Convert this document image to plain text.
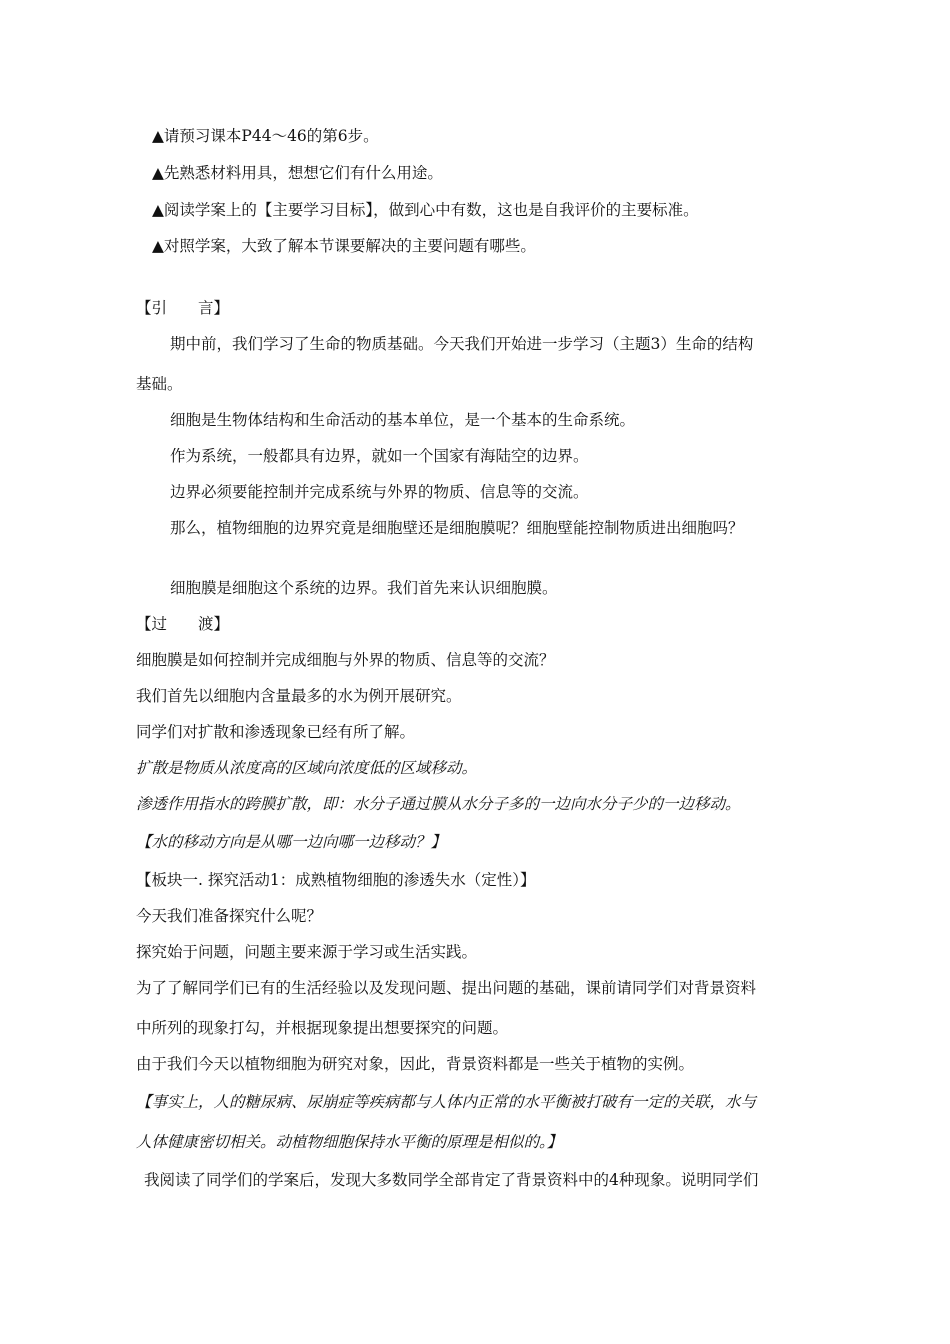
▲请预习课本P44～46的第6步。
▲先熟悉材料用具，想想它们有什么用途。
▲阅读学案上的【主要学习目标】，做到心中有数，这也是自我评价的主要标准。
▲对照学案，大致了解本节课要解决的主要问题有哪些。
【引　　言】
期中前，我们学习了生命的物质基础。今天我们开始进一步学习（主题3）生命的结构
基础。
细胞是生物体结构和生命活动的基本单位，是一个基本的生命系统。
作为系统，一般都具有边界，就如一个国家有海陆空的边界。
边界必须要能控制并完成系统与外界的物质、信息等的交流。
那么，植物细胞的边界究竟是细胞壁还是细胞膜呢？细胞壁能控制物质进出细胞吗？
细胞膜是细胞这个系统的边界。我们首先来认识细胞膜。
【过　　渡】
细胞膜是如何控制并完成细胞与外界的物质、信息等的交流？
我们首先以细胞内含量最多的水为例开展研究。
同学们对扩散和渗透现象已经有所了解。
扩散是物质从浓度高的区域向浓度低的区域移动。
渗透作用指水的跨膜扩散，即：水分子通过膜从水分子多的一边向水分子少的一边移动。
【水的移动方向是从哪一边向哪一边移动？】
【板块一. 探究活动1：成熟植物细胞的渗透失水（定性）】
今天我们准备探究什么呢？
探究始于问题，问题主要来源于学习或生活实践。
为了了解同学们已有的生活经验以及发现问题、提出问题的基础，课前请同学们对背景资料
中所列的现象打勾，并根据现象提出想要探究的问题。
由于我们今天以植物细胞为研究对象，因此，背景资料都是一些关于植物的实例。
【事实上，人的糖尿病、尿崩症等疾病都与人体内正常的水平衡被打破有一定的关联，水与
人体健康密切相关。动植物细胞保持水平衡的原理是相似的。】
我阅读了同学们的学案后，发现大多数同学全部肯定了背景资料中的4种现象。说明同学们
